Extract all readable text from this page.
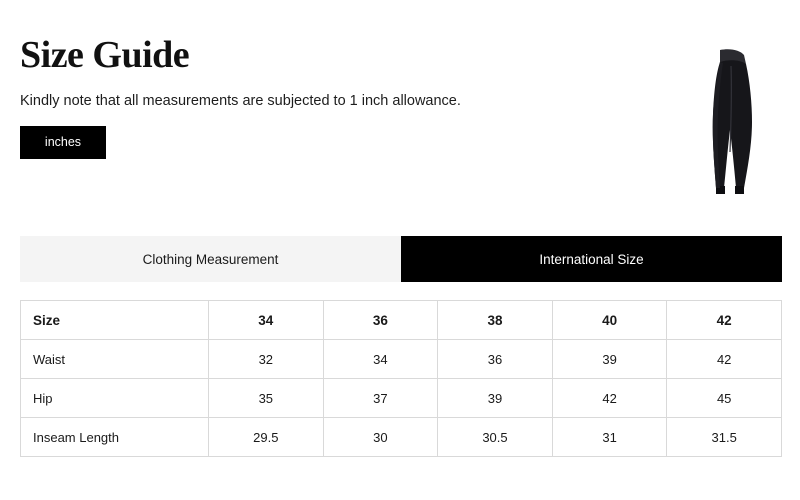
Size Guide

Kindly note that all measurements are subjected to 1 inch allowance.

inches
Clothing Measurement	International Size
Size	34	36	38	40	42
Waist	32	34	36	39	42
Hip	35	37	39	42	45
Inseam Length	29.5	30	30.5	31	31.5
